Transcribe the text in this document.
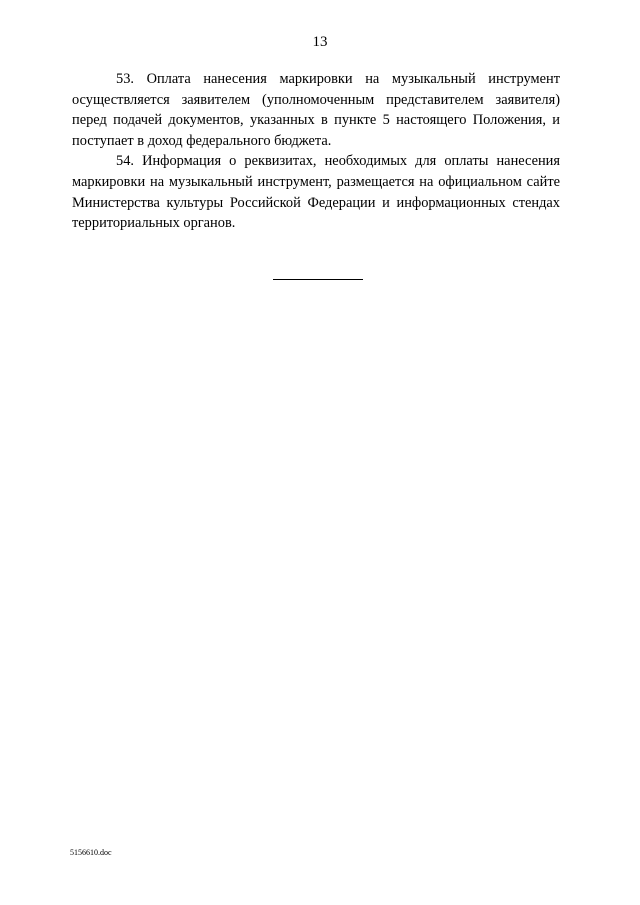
13

53. Оплата нанесения маркировки на музыкальный инструмент осуществляется заявителем (уполномоченным представителем заявителя) перед подачей документов, указанных в пункте 5 настоящего Положения, и поступает в доход федерального бюджета.

54. Информация о реквизитах, необходимых для оплаты нанесения маркировки на музыкальный инструмент, размещается на официальном сайте Министерства культуры Российской Федерации и информационных стендах территориальных органов.

5156610.doc
